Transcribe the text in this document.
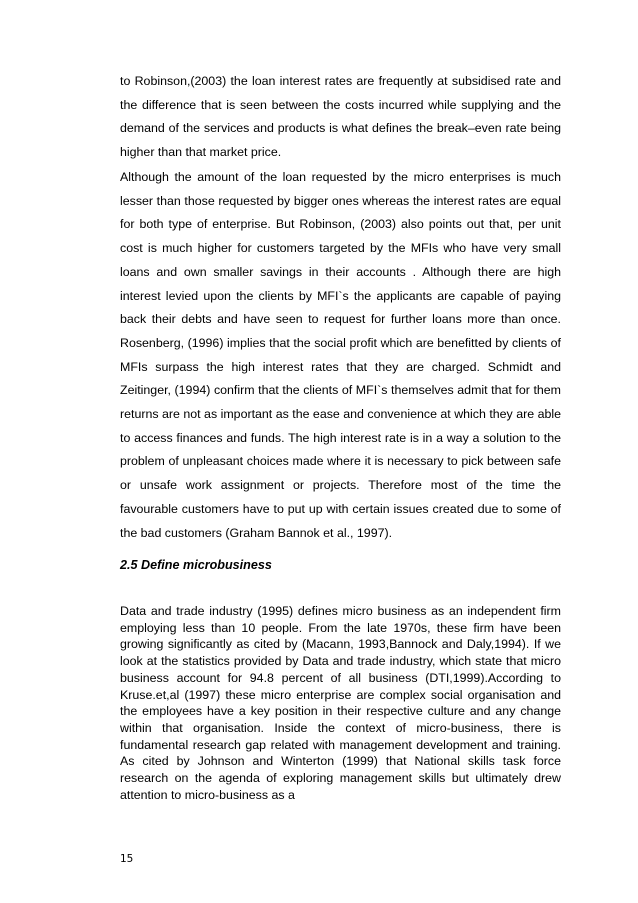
to Robinson,(2003) the loan interest rates are frequently at subsidised rate and the difference that is seen between the costs incurred while supplying and the demand of the services and products is what defines the break–even rate being higher than that market price.

Although the amount of the loan requested by the micro enterprises is much lesser than those requested by bigger ones whereas the interest rates are equal for both type of enterprise. But Robinson, (2003) also points out that, per unit cost is much higher for customers targeted by the MFIs who have very small loans and own smaller savings in their accounts . Although there are high interest levied upon the clients by MFI`s the applicants are capable of paying back their debts and have seen to request for further loans more than once. Rosenberg, (1996) implies that the social profit which are benefitted by clients of MFIs surpass the high interest rates that they are charged. Schmidt and Zeitinger, (1994) confirm that the clients of MFI`s themselves admit that for them returns are not as important as the ease and convenience at which they are able to access finances and funds. The high interest rate is in a way a solution to the problem of unpleasant choices made where it is necessary to pick between safe or unsafe work assignment or projects. Therefore most of the time the favourable customers have to put up with certain issues created due to some of the bad customers (Graham Bannok et al., 1997).

2.5 Define microbusiness

Data and trade industry (1995) defines micro business as an independent firm employing less than 10 people. From the late 1970s, these firm have been growing significantly as cited by (Macann, 1993,Bannock and Daly,1994). If we look at the statistics provided by Data and trade industry, which state that micro business account for 94.8 percent of all business (DTI,1999).According to Kruse.et,al (1997) these micro enterprise are complex social organisation and the employees have a key position in their respective culture and any change within that organisation. Inside the context of micro-business, there is fundamental research gap related with management development and training. As cited by Johnson and Winterton (1999) that National skills task force research on the agenda of exploring management skills but ultimately drew attention to micro-business as a

15
